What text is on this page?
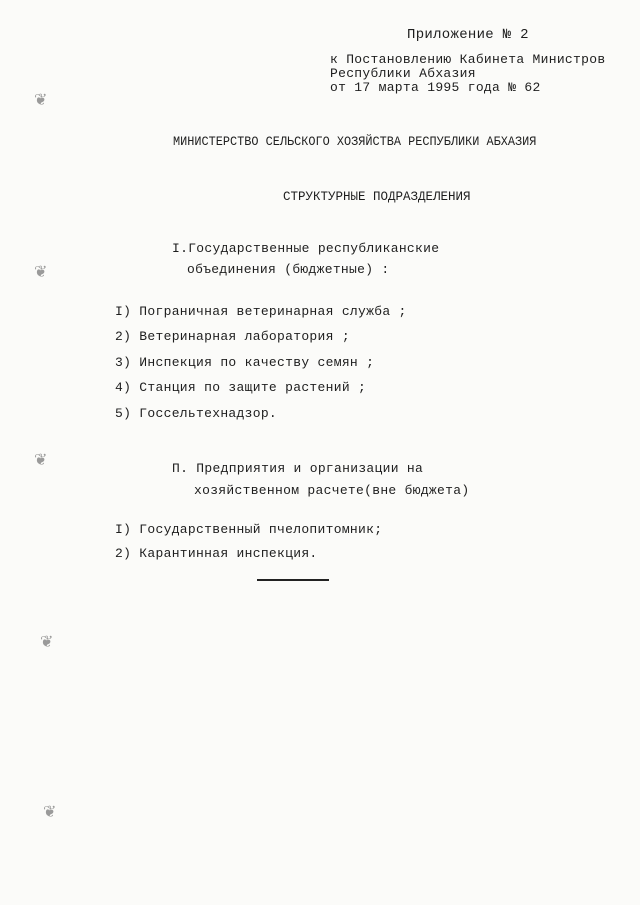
Приложение № 2
к Постановлению Кабинета Министров
Республики Абхазия
от 17 марта 1995 года № 62
МИНИСТЕРСТВО СЕЛЬСКОГО ХОЗЯЙСТВА РЕСПУБЛИКИ АБХАЗИЯ
СТРУКТУРНЫЕ ПОДРАЗДЕЛЕНИЯ
I.Государственные республиканские
объединения (бюджетные) :
I) Пограничная ветеринарная служба ;
2) Ветеринарная лаборатория ;
3) Инспекция по качеству семян ;
4) Станция по защите растений ;
5) Госсельтехнадзор.
П. Предприятия и организации на
хозяйственном расчете(вне бюджета)
I) Государственный пчелопитомник;
2) Карантинная инспекция.
❦
❦
❦
❦
❦
